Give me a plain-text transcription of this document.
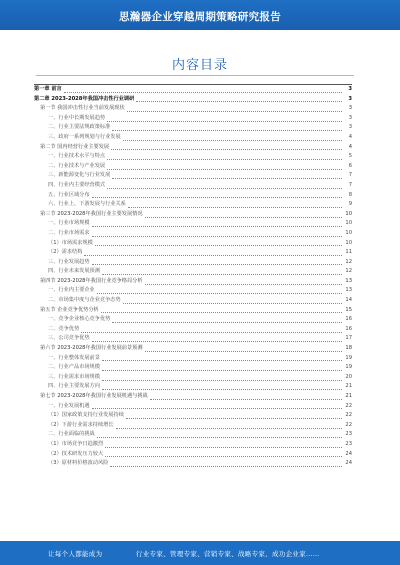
思瀚器企业穿越周期策略研究报告
内容目录
第一章 前言	3
第二章 2023-2028年我国冲击性行业调研	3
第一节 我国冲击性行业当前发展现状	3
一、行业中长期发展趋势	3
二、行业主要法规政策标准	3
三、政府一系列规划与行业发展	4
第二节 国内经营行业主要发展	4
一、行业技术水平与特点	5
二、行业技术与产业发展	6
三、新能源变化与行业发展	7
四、行业内主要经营模式	7
五、行业区域分布	8
六、行业上、下游发展与行业关系	9
第三节 2023-2028年我国行业主要发展情况	10
一、行业市场规模	10
二、行业市场需求	10
（1）市场需求规模	10
（2）需求结构	11
三、行业发展趋势	12
四、行业未来发展预测	12
第四节 2023-2028年我国行业竞争格局分析	13
一、行业内主要企业	13
二、市场集中度与企业竞争态势	14
第五节 企业竞争优势分析	15
一、竞争企业核心竞争优势	16
二、竞争优势	16
三、公司竞争优势	17
第六节 2023-2028年我国行业发展前景预测	18
一、行业整体发展前景	19
二、行业产品市场规模	19
三、行业需求市场规模	20
四、行业主要发展方向	21
第七节 2023-2028年我国行业发展机遇与挑战	21
一、行业发展机遇	22
（1）国家政策支持行业发展持续	22
（2）下游行业需求持续增长	22
二、行业面临的挑战	23
（1）市场竞争日趋激烈	23
（2）技术研发压力较大	24
（3）原材料价格波动风险	24
让每个人都能成为	行业专家、管理专家、营销专家、战略专家、成功企业家……
